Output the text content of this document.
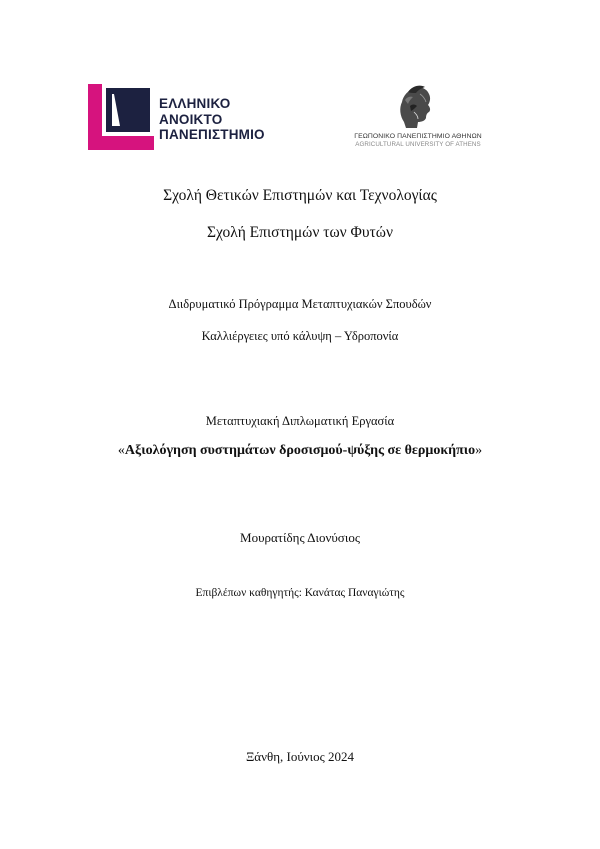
ΕΛΛΗΝΙΚΟ
ΑΝΟΙΚΤΟ
ΠΑΝΕΠΙΣΤΗΜΙΟ	ΓΕΩΠΟΝΙΚΟ ΠΑΝΕΠΙΣΤΗΜΙΟ ΑΘΗΝΩΝ
AGRICULTURAL UNIVERSITY OF ATHENS
Σχολή Θετικών Επιστημών και Τεχνολογίας
Σχολή Επιστημών των Φυτών
Διιδρυματικό Πρόγραμμα Μεταπτυχιακών Σπουδών
Καλλιέργειες υπό κάλυψη – Υδροπονία
Μεταπτυχιακή Διπλωματική Εργασία
«Αξιολόγηση συστημάτων δροσισμού-ψύξης σε θερμοκήπιο»
Μουρατίδης Διονύσιος
Επιβλέπων καθηγητής: Κανάτας Παναγιώτης
Ξάνθη, Ιούνιος 2024
